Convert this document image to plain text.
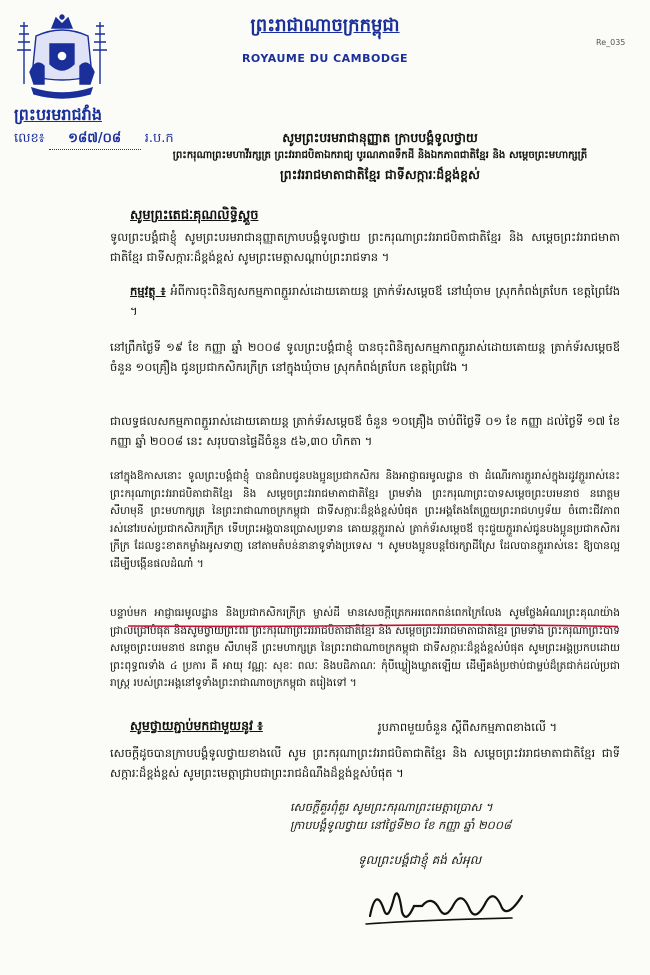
ព្រះរាជាណាចក្រកម្ពុជា
ROYAUME DU CAMBODGE
Re_035
ព្រះបរមរាជវាំង
លេខ៖ ១៨៧/០៨ រ.ប.ក	សូមព្រះបរមរាជានុញ្ញាត ក្រាបបង្គំទូលថ្វាយ
ព្រះករុណាព្រះមហាវីរក្សត្រ ព្រះវររាជបិតាឯករាជ្យ បូរណភាពទឹកដី និងឯកភាពជាតិខ្មែរ និង សម្តេចព្រះមហាក្សត្រី
ព្រះវររាជមាតាជាតិខ្មែរ ជាទីសក្ការៈដ៏ខ្ពង់ខ្ពស់
សូមព្រះតេជៈគុណលិទ្ធិស្គួច
ទូលព្រះបង្គំជាខ្ញុំ សូមព្រះបរមរាជានុញ្ញាតក្រាបបង្គំទូលថ្វាយ ព្រះករុណាព្រះវររាជបិតាជាតិខ្មែរ និង សម្តេចព្រះវររាជមាតាជាតិខ្មែរ ជាទីសក្ការៈដ៏ខ្ពង់ខ្ពស់ សូមព្រះមេត្តាសណ្តាប់ព្រះរាជទាន ។
កម្មវត្ថុ ៖ អំពីការចុះពិនិត្យសកម្មភាពភ្ជួររាស់ដោយគោយន្ត ត្រាក់ទ័រសម្តេចឪ នៅឃុំចាម ស្រុកកំពង់ត្របែក ខេត្តព្រៃវែង ។
នៅព្រឹកថ្ងៃទី ១៩ ខែ កញ្ញា ឆ្នាំ ២០០៨ ទូលព្រះបង្គំជាខ្ញុំ បានចុះពិនិត្យសកម្មភាពភ្ជួររាស់ដោយគោយន្ត ត្រាក់ទ័រសម្តេចឪ ចំនួន ១០គ្រឿង ជូនប្រជាកសិករក្រីក្រ នៅក្នុងឃុំចាម ស្រុកកំពង់ត្របែក ខេត្តព្រៃវែង ។
ជាលទ្ធផលសកម្មភាពភ្ជួររាស់ដោយគោយន្ត ត្រាក់ទ័រសម្តេចឪ ចំនួន ១០គ្រឿង ចាប់ពីថ្ងៃទី ០១ ខែ កញ្ញា ដល់ថ្ងៃទី ១៧ ខែ កញ្ញា ឆ្នាំ ២០០៨ នេះ សរុបបានផ្ទៃដីចំនួន ៥៦,៣០ ហិកតា ។
នៅក្នុងឱកាសនោះ ទូលព្រះបង្គំជាខ្ញុំ បានជំរាបជូនបងប្អូនប្រជាកសិករ និងអាជ្ញាធរមូលដ្ឋាន ថា ដំណើរការភ្ជួររាស់ក្នុងរដូវភ្ជួររាស់នេះ ព្រះករុណាព្រះវររាជបិតាជាតិខ្មែរ និង សម្តេចព្រះវររាជមាតាជាតិខ្មែរ ព្រមទាំង ព្រះករុណាព្រះបាទសម្តេចព្រះបរមនាថ នរោត្តម សីហមុនី ព្រះមហាក្សត្រ នៃព្រះរាជាណាចក្រកម្ពុជា ជាទីសក្ការៈដ៏ខ្ពង់ខ្ពស់បំផុត ព្រះអង្គតែងតែព្រួយព្រះរាជហឫទ័យ ចំពោះជីវភាពរស់នៅរបស់ប្រជាកសិករក្រីក្រ ទើបព្រះអង្គបានប្រោសប្រទាន គោយន្តភ្ជួររាស់ ត្រាក់ទ័រសម្តេចឪ ចុះជួយភ្ជួររាស់ជូនបងប្អូនប្រជាកសិករក្រីក្រ ដែលខ្វះខាតកម្លាំងអូសទាញ នៅតាមតំបន់នានាទូទាំងប្រទេស ។ សូមបងប្អូនបន្តថែរក្សាដីស្រែ ដែលបានភ្ជួររាស់នេះ ឱ្យបានល្អ ដើម្បីបង្កើនផលដំណាំ ។
បន្ទាប់មក អាជ្ញាធរមូលដ្ឋាន និងប្រជាកសិករក្រីក្រ ម្ចាស់ដី មានសេចក្តីត្រេកអរពេកពន់ពេកក្រៃលែង សូមថ្លែងអំណរព្រះគុណយ៉ាងជ្រាលជ្រៅបំផុត និងសូមថ្វាយព្រះពរ ព្រះករុណាព្រះវររាជបិតាជាតិខ្មែរ និង សម្តេចព្រះវររាជមាតាជាតិខ្មែរ ព្រមទាំង ព្រះករុណាព្រះបាទសម្តេចព្រះបរមនាថ នរោត្តម សីហមុនី ព្រះមហាក្សត្រ នៃព្រះរាជាណាចក្រកម្ពុជា ជាទីសក្ការៈដ៏ខ្ពង់ខ្ពស់បំផុត សូមព្រះអង្គប្រកបដោយព្រះពុទ្ធពរទាំង ៤ ប្រការ គឺ អាយុ វណ្ណៈ សុខៈ ពលៈ និងបដិភាណៈ កុំបីឃ្លៀងឃ្លាតឡើយ ដើម្បីគង់ប្រថាប់ជាម្លប់ដ៏ត្រជាក់ដល់ប្រជារាស្ត្រ របស់ព្រះអង្គនៅទូទាំងព្រះរាជាណាចក្រកម្ពុជា តរៀងទៅ ។
សូមថ្វាយភ្ជាប់មកជាមួយនូវ ៖	រូបភាពមួយចំនួន ស្តីពីសកម្មភាពខាងលើ ។
សេចក្តីដូចបានក្រាបបង្គំទូលថ្វាយខាងលើ សូម ព្រះករុណាព្រះវររាជបិតាជាតិខ្មែរ និង សម្តេចព្រះវររាជមាតាជាតិខ្មែរ ជាទីសក្ការៈដ៏ខ្ពង់ខ្ពស់ សូមព្រះមេត្តាជ្រាបជាព្រះរាជដំណឹងដ៏ខ្ពង់ខ្ពស់បំផុត ។
សេចក្តីគួរពុំគួរ សូមព្រះករុណាព្រះមេត្តាប្រោស ។
ក្រាបបង្គំទូលថ្វាយ នៅថ្ងៃទី២០ ខែ កញ្ញា ឆ្នាំ ២០០៨
ទូលព្រះបង្គំជាខ្ញុំ គង់ សំអុល
